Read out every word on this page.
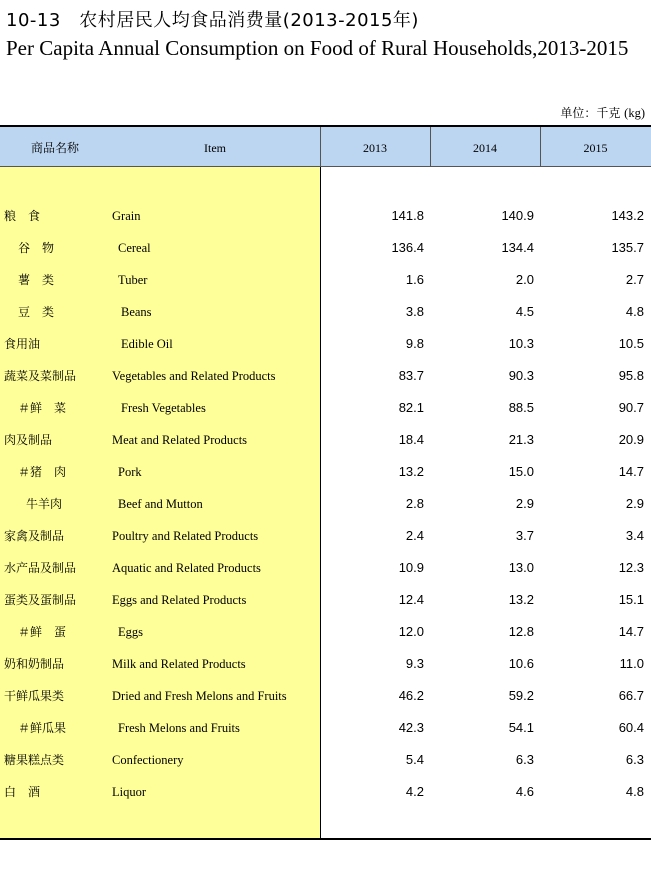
10-13　农村居民人均食品消费量(2013-2015年)
Per Capita Annual Consumption on Food of Rural Households,2013-2015
单位：千克 (kg)
商品名称	Item	2013	2014	2015
粮　食	Grain	141.8	140.9	143.2
谷　物	Cereal	136.4	134.4	135.7
薯　类	Tuber	1.6	2.0	2.7
豆　类	Beans	3.8	4.5	4.8
食用油	Edible Oil	9.8	10.3	10.5
蔬菜及菜制品	Vegetables and Related Products	83.7	90.3	95.8
＃鲜　菜	Fresh Vegetables	82.1	88.5	90.7
肉及制品	Meat and Related Products	18.4	21.3	20.9
＃猪　肉	Pork	13.2	15.0	14.7
牛羊肉	Beef and Mutton	2.8	2.9	2.9
家禽及制品	Poultry and Related Products	2.4	3.7	3.4
水产品及制品	Aquatic and Related Products	10.9	13.0	12.3
蛋类及蛋制品	Eggs and Related Products	12.4	13.2	15.1
＃鲜　蛋	Eggs	12.0	12.8	14.7
奶和奶制品	Milk and Related Products	9.3	10.6	11.0
干鲜瓜果类	Dried and Fresh Melons and Fruits	46.2	59.2	66.7
＃鲜瓜果	Fresh Melons and Fruits	42.3	54.1	60.4
糖果糕点类	Confectionery	5.4	6.3	6.3
白　酒	Liquor	4.2	4.6	4.8
